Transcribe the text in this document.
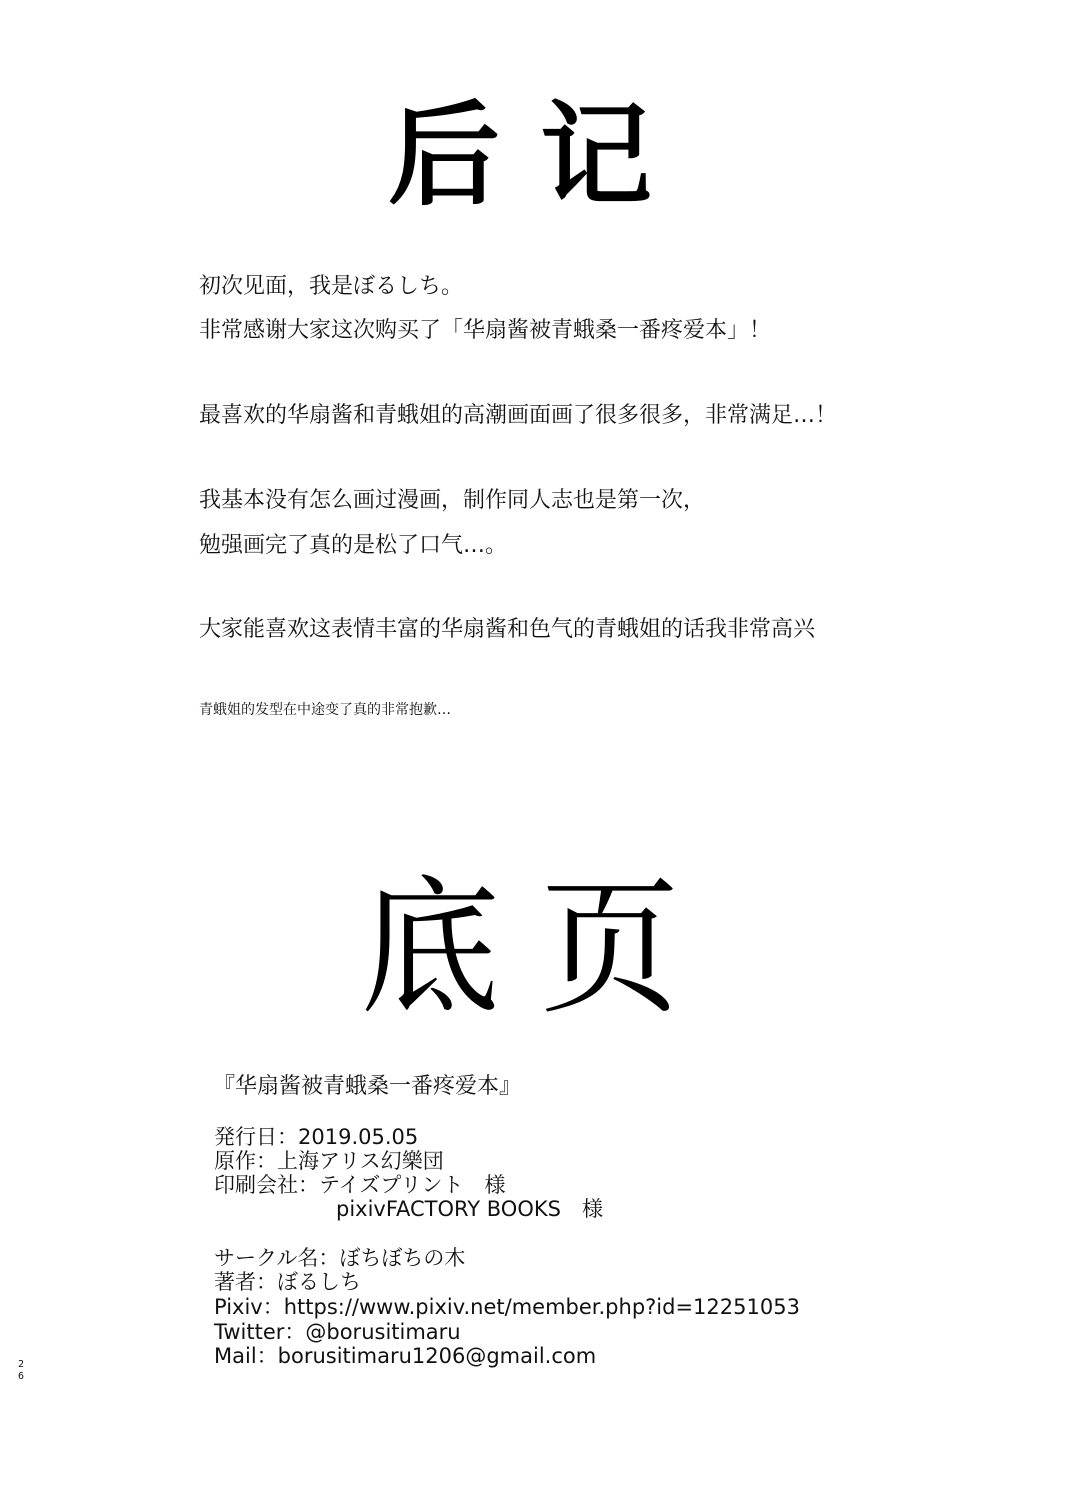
后记
初次见面，我是ぼるしち。
非常感谢大家这次购买了「华扇酱被青蛾桑一番疼爱本」！
最喜欢的华扇酱和青蛾姐的高潮画面画了很多很多，非常满足…！
我基本没有怎么画过漫画，制作同人志也是第一次，
勉强画完了真的是松了口气…。
大家能喜欢这表情丰富的华扇酱和色气的青蛾姐的话我非常高兴
青蛾姐的发型在中途变了真的非常抱歉…
底页
『华扇酱被青蛾桑一番疼爱本』
発行日：2019.05.05
原作：上海アリス幻樂団
印刷会社：テイズプリント　様
pixivFACTORY BOOKS　様
サークル名：ぼちぼちの木
著者：ぼるしち
Pixiv：https://www.pixiv.net/member.php?id=12251053
Twitter：@borusitimaru
Mail：borusitimaru1206@gmail.com
2
6
